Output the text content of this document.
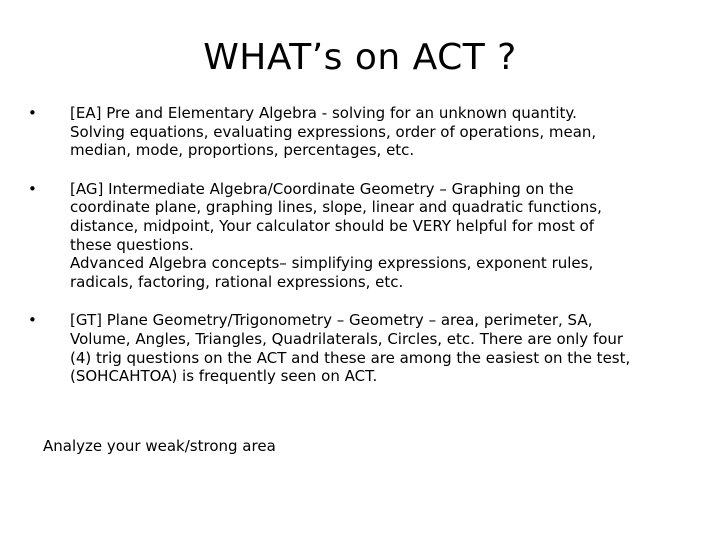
WHAT’s on ACT ?
• [EA] Pre and Elementary Algebra - solving for an unknown quantity.
Solving equations, evaluating expressions, order of operations, mean,
median, mode, proportions, percentages, etc.
• [AG] Intermediate Algebra/Coordinate Geometry – Graphing on the
coordinate plane, graphing lines, slope, linear and quadratic functions,
distance, midpoint, Your calculator should be VERY helpful for most of
these questions.
Advanced Algebra concepts– simplifying expressions, exponent rules,
radicals, factoring, rational expressions, etc.
• [GT] Plane Geometry/Trigonometry – Geometry – area, perimeter, SA,
Volume, Angles, Triangles, Quadrilaterals, Circles, etc. There are only four
(4) trig questions on the ACT and these are among the easiest on the test,
(SOHCAHTOA) is frequently seen on ACT.
Analyze your weak/strong area
